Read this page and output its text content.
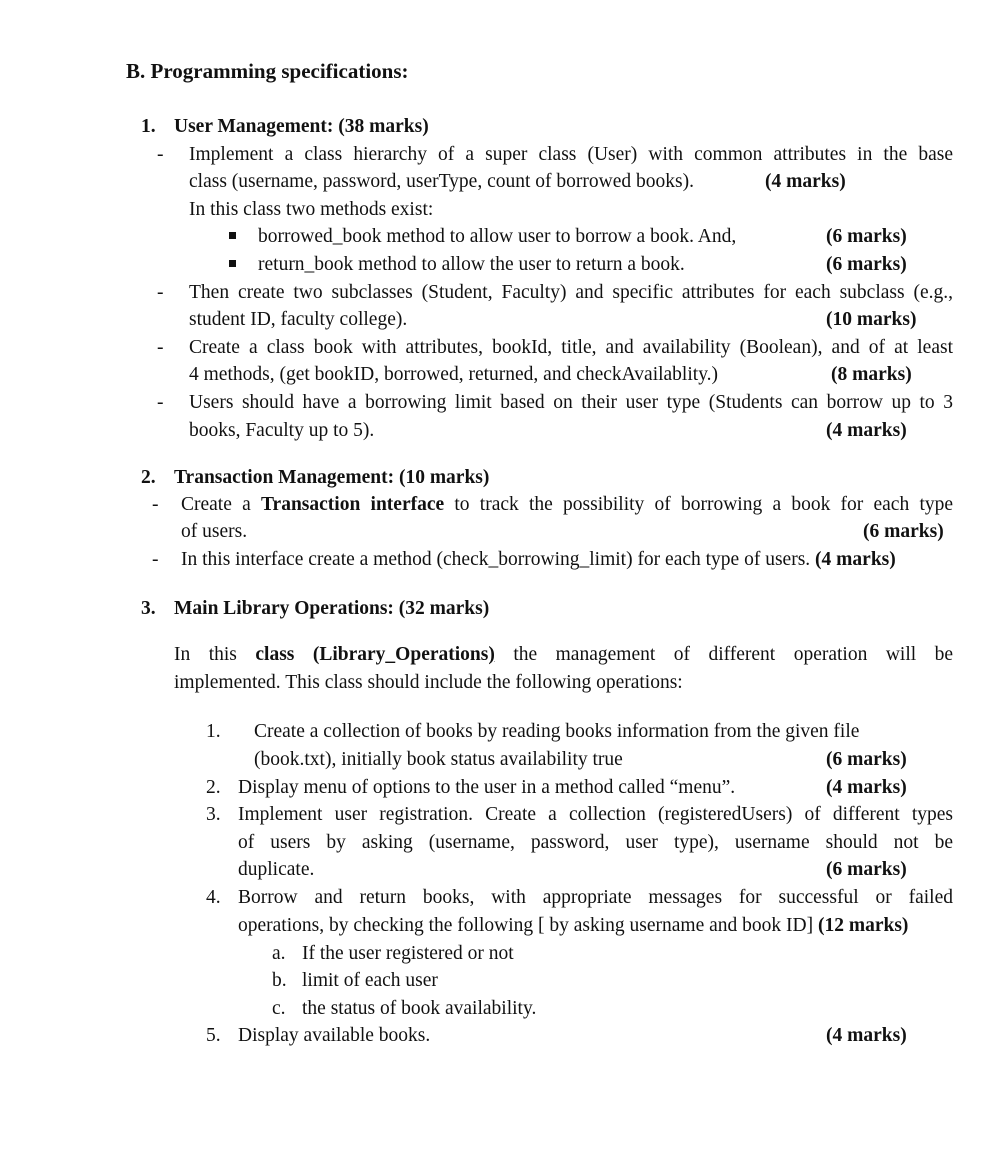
B. Programming specifications:
1. User Management: (38 marks)
- Implement a class hierarchy of a super class (User) with common attributes in the base
class (username, password, userType, count of borrowed books).	(4 marks)
In this class two methods exist:
borrowed_book method to allow user to borrow a book. And,	(6 marks)
return_book method to allow the user to return a book.	(6 marks)
- Then create two subclasses (Student, Faculty) and specific attributes for each subclass (e.g.,
student ID, faculty college).	(10 marks)
- Create a class book with attributes, bookId, title, and availability (Boolean), and of at least
4 methods, (get bookID, borrowed, returned, and checkAvailablity.)	(8 marks)
- Users should have a borrowing limit based on their user type (Students can borrow up to 3
books, Faculty up to 5).	(4 marks)
2. Transaction Management: (10 marks)
- Create a Transaction interface to track the possibility of borrowing a book for each type
of users.	(6 marks)
- In this interface create a method (check_borrowing_limit) for each type of users. (4 marks)
3. Main Library Operations: (32 marks)
In this class (Library_Operations) the management of different operation will be
implemented. This class should include the following operations:
1. Create a collection of books by reading books information from the given file
(book.txt), initially book status availability true	(6 marks)
2. Display menu of options to the user in a method called “menu”.	(4 marks)
3. Implement user registration. Create a collection (registeredUsers) of different types
of users by asking (username, password, user type), username should not be
duplicate.	(6 marks)
4. Borrow and return books, with appropriate messages for successful or failed
operations, by checking the following [ by asking username and book ID] (12 marks)
a. If the user registered or not
b. limit of each user
c. the status of book availability.
5. Display available books.	(4 marks)
